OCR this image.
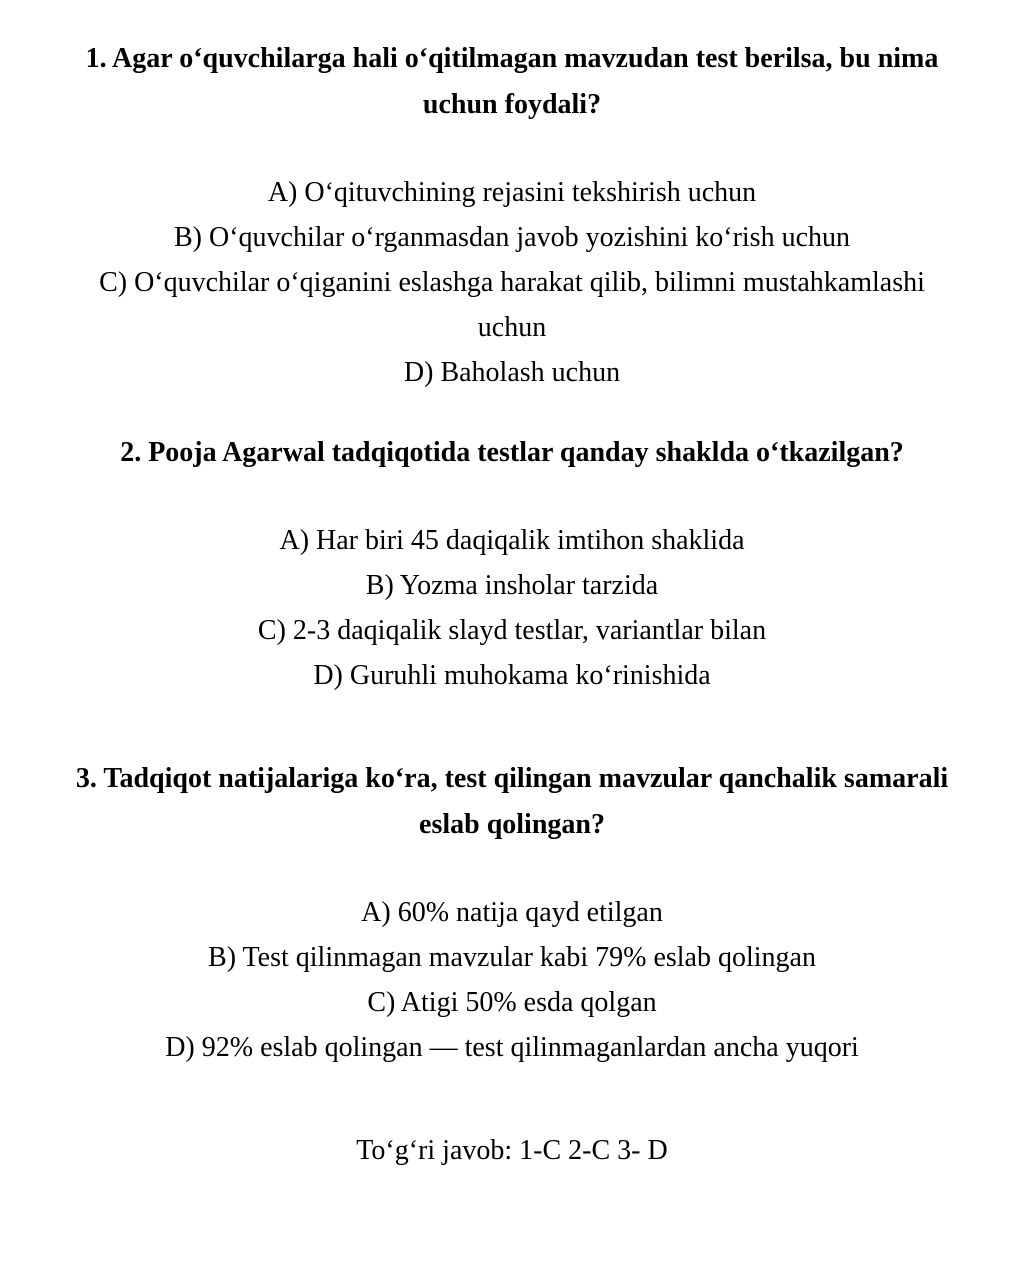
1. Agar oʻquvchilarga hali oʻqitilmagan mavzudan test berilsa, bu nima uchun foydali?
A) Oʻqituvchining rejasini tekshirish uchun
B) Oʻquvchilar oʻrganmasdan javob yozishini koʻrish uchun
C) Oʻquvchilar oʻqiganini eslashga harakat qilib, bilimni mustahkamlashi uchun
D) Baholash uchun
2. Pooja Agarwal tadqiqotida testlar qanday shaklda oʻtkazilgan?
A) Har biri 45 daqiqalik imtihon shaklida
B) Yozma insholar tarzida
C) 2-3 daqiqalik slayd testlar, variantlar bilan
D) Guruhli muhokama koʻrinishida
3. Tadqiqot natijalariga koʻra, test qilingan mavzular qanchalik samarali eslab qolingan?
A) 60% natija qayd etilgan
B) Test qilinmagan mavzular kabi 79% eslab qolingan
C) Atigi 50% esda qolgan
D) 92% eslab qolingan — test qilinmaganlardan ancha yuqori
Toʻgʻri javob: 1-C 2-C 3- D
